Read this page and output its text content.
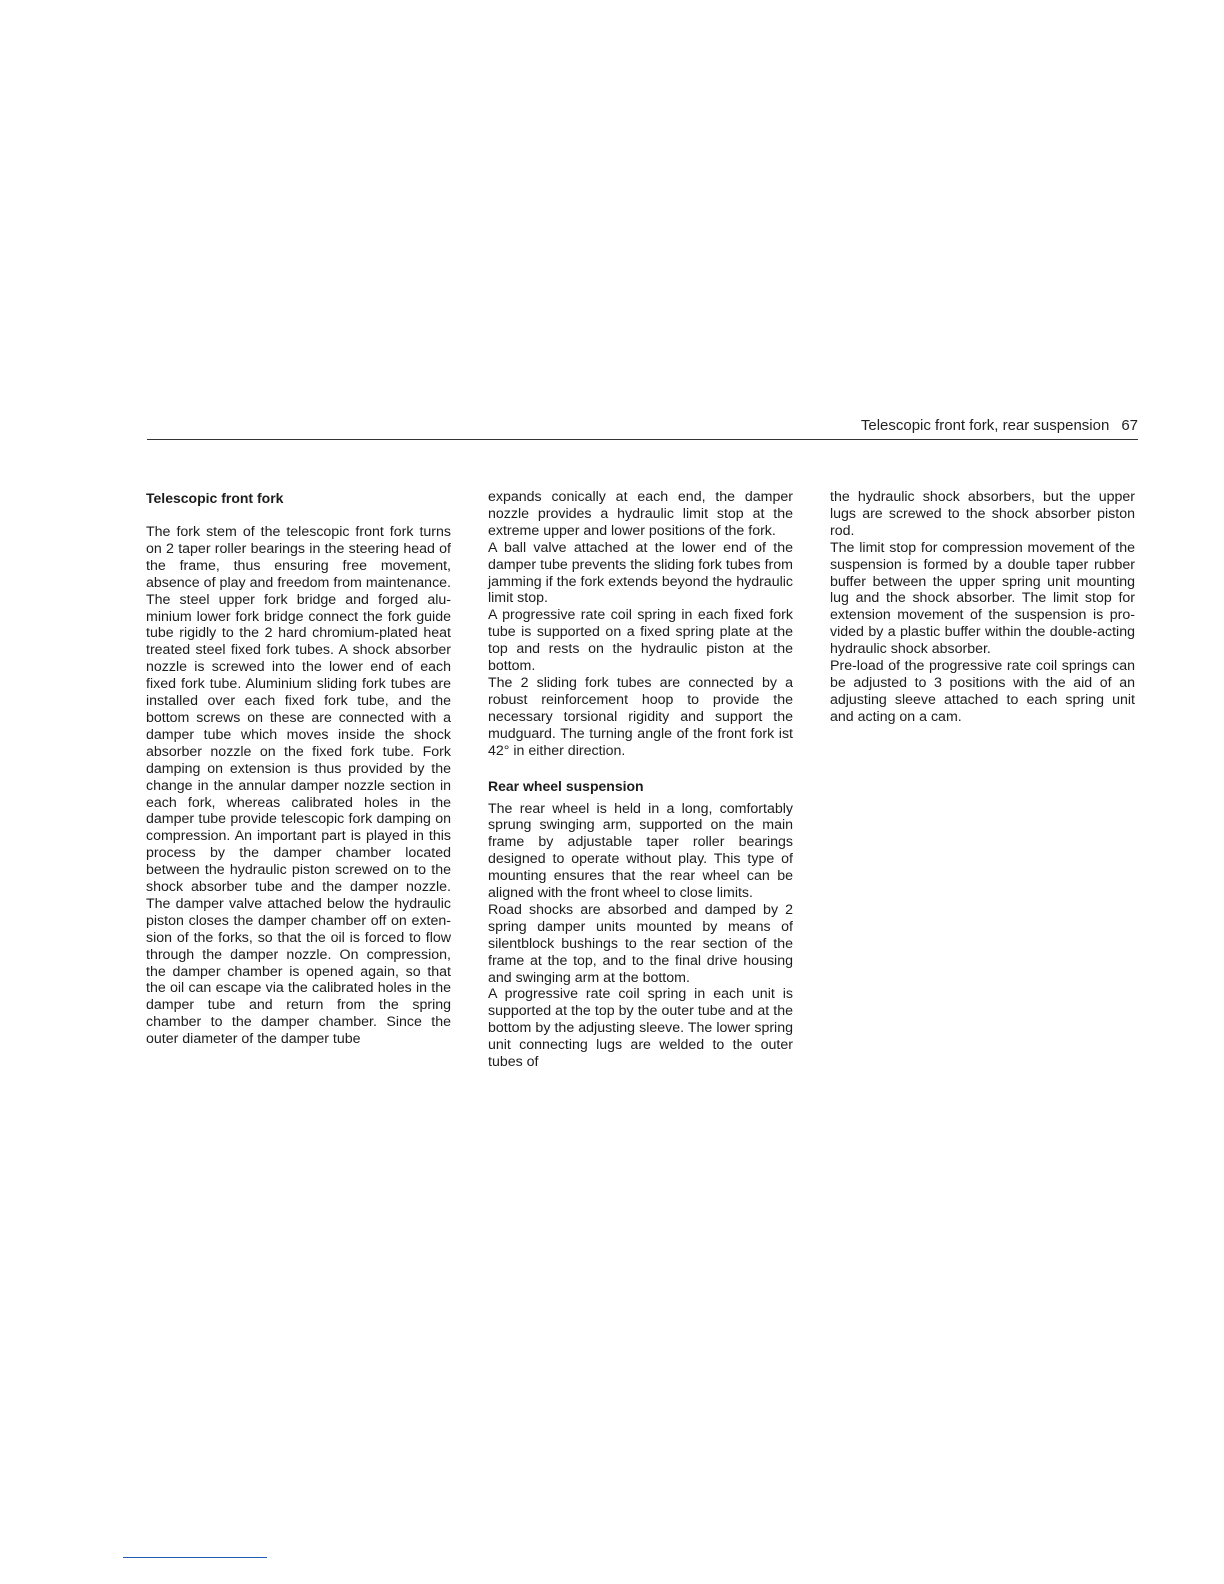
Telescopic front fork, rear suspension 67
Telescopic front fork

The fork stem of the telescopic front fork turns on 2 taper roller bearings in the steering head of the frame, thus ensuring free movement, absence of play and freedom from maintenance. The steel upper fork bridge and forged aluminium lower fork bridge connect the fork guide tube rigidly to the 2 hard chromium-plated heat treated steel fixed fork tubes. A shock absorber nozzle is screwed into the lower end of each fixed fork tube. Aluminium sliding fork tubes are installed over each fixed fork tube, and the bottom screws on these are connected with a damper tube which moves inside the shock absorber nozzle on the fixed fork tube. Fork damping on extension is thus provided by the change in the annular damper nozzle section in each fork, whereas calibrated holes in the damper tube provide telescopic fork damping on compression. An important part is played in this process by the damper chamber located between the hydraulic piston screwed on to the shock absorber tube and the damper nozzle. The damper valve attached below the hydraulic piston closes the damper chamber off on extension of the forks, so that the oil is forced to flow through the damper nozzle. On compression, the damper chamber is opened again, so that the oil can escape via the calibrated holes in the damper tube and return from the spring chamber to the damper chamber. Since the outer diameter of the damper tube

expands conically at each end, the damper nozzle provides a hydraulic limit stop at the extreme upper and lower positions of the fork.

A ball valve attached at the lower end of the damper tube prevents the sliding fork tubes from jamming if the fork extends beyond the hydraulic limit stop.

A progressive rate coil spring in each fixed fork tube is supported on a fixed spring plate at the top and rests on the hydraulic piston at the bottom.

The 2 sliding fork tubes are connected by a robust reinforcement hoop to provide the necessary torsional rigidity and support the mudguard. The turning angle of the front fork ist 42° in either direction.

Rear wheel suspension

The rear wheel is held in a long, comfortably sprung swinging arm, supported on the main frame by adjustable taper roller bearings designed to operate without play. This type of mounting ensures that the rear wheel can be aligned with the front wheel to close limits.

Road shocks are absorbed and damped by 2 spring damper units mounted by means of silentblock bushings to the rear section of the frame at the top, and to the final drive housing and swinging arm at the bottom.

A progressive rate coil spring in each unit is supported at the top by the outer tube and at the bottom by the adjusting sleeve. The lower spring unit connecting lugs are welded to the outer tubes of

the hydraulic shock absorbers, but the upper lugs are screwed to the shock absorber piston rod.

The limit stop for compression movement of the suspension is formed by a double taper rubber buffer between the upper spring unit mounting lug and the shock absorber. The limit stop for extension movement of the suspension is provided by a plastic buffer within the double-acting hydraulic shock absorber.

Pre-load of the progressive rate coil springs can be adjusted to 3 positions with the aid of an adjusting sleeve attached to each spring unit and acting on a cam.
